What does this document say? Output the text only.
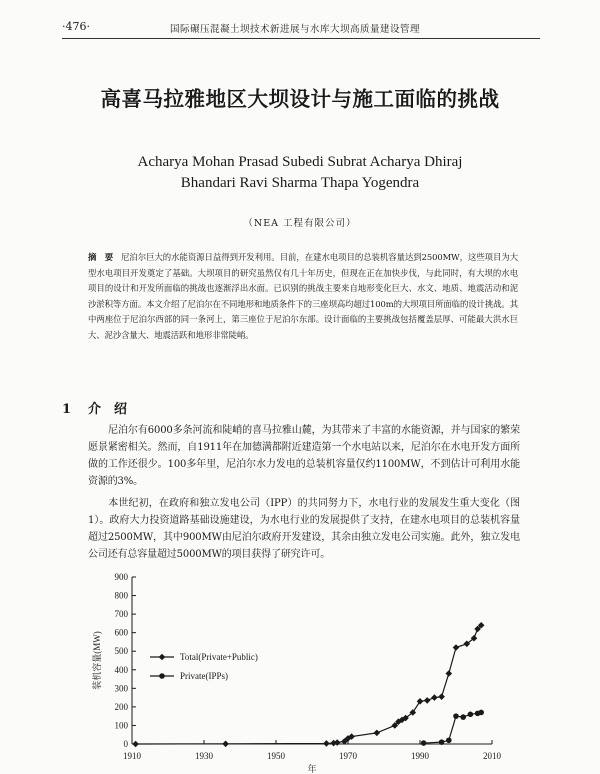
·476·	国际碾压混凝土坝技术新进展与水库大坝高质量建设管理
高喜马拉雅地区大坝设计与施工面临的挑战
Acharya Mohan Prasad Subedi Subrat Acharya Dhiraj
Bhandari Ravi Sharma Thapa Yogendra
（NEA 工程有限公司）
摘　要 尼泊尔巨大的水能资源日益得到开发利用。目前，在建水电项目的总装机容量达到2500MW，这些项目为大型水电项目开发奠定了基础。大坝项目的研究虽然仅有几十年历史，但现在正在加快步伐，与此同时，有大坝的水电项目的设计和开发所面临的挑战也逐渐浮出水面。已识别的挑战主要来自地形变化巨大、水文、地质、地震活动和泥沙淤积等方面。本文介绍了尼泊尔在不同地形和地质条件下的三座坝高均超过100m的大坝项目所面临的设计挑战。其中两座位于尼泊尔西部的同一条河上，第三座位于尼泊尔东部。设计面临的主要挑战包括覆盖层厚、可能最大洪水巨大、泥沙含量大、地震活跃和地形非常陡峭。
1 介　绍
尼泊尔有6000多条河流和陡峭的喜马拉雅山麓，为其带来了丰富的水能资源，并与国家的繁荣愿景紧密相关。然而，自1911年在加德满都附近建造第一个水电站以来，尼泊尔在水电开发方面所做的工作还很少。100多年里，尼泊尔水力发电的总装机容量仅约1100MW，不到估计可利用水能资源的3%。
本世纪初，在政府和独立发电公司（IPP）的共同努力下，水电行业的发展发生重大变化（图1）。政府大力投资道路基础设施建设，为水电行业的发展提供了支持，在建水电项目的总装机容量超过2500MW，其中900MW由尼泊尔政府开发建设，其余由独立发电公司实施。此外，独立发电公司还有总容量超过5000MW的项目获得了研究许可。
0
100
200
300
400
500
600
700
800
900
1910	1930	1950	1970	1990	2010
年
装机容量(MW)	Total(Private+Public)
Private(IPPs)
